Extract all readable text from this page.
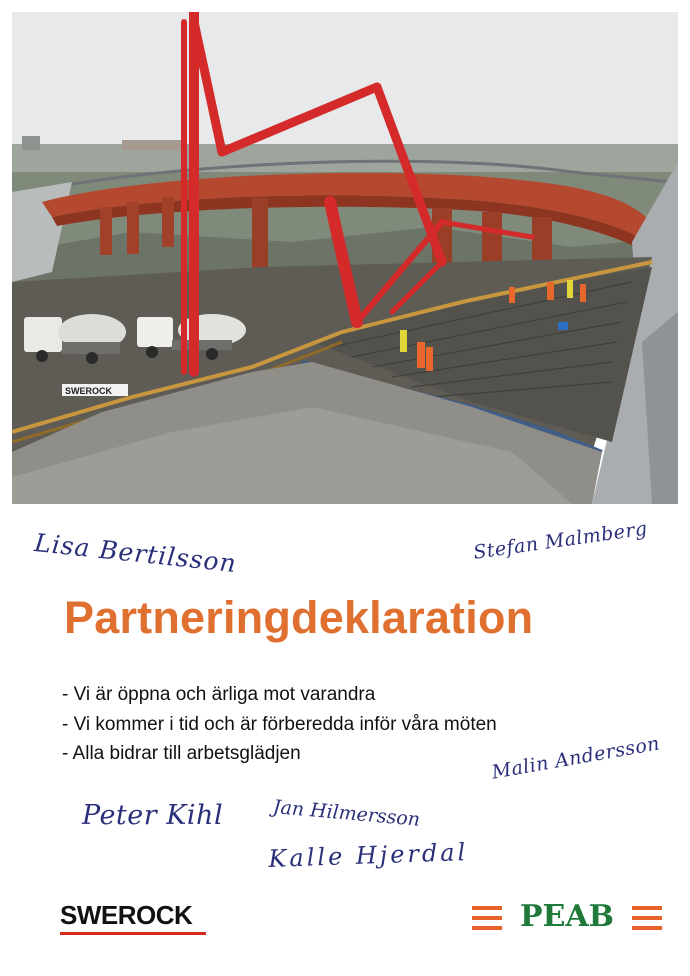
SWEROCK

Lisa Bertilsson	Stefan Malmberg

Partneringdeklaration
- Vi är öppna och ärliga mot varandra
- Vi kommer i tid och är förberedda inför våra möten
- Alla bidrar till arbetsglädjen	Malin Andersson

Peter Kihl	Jan Hilmersson

Kalle Hjerdal

SWEROCK	PEAB
